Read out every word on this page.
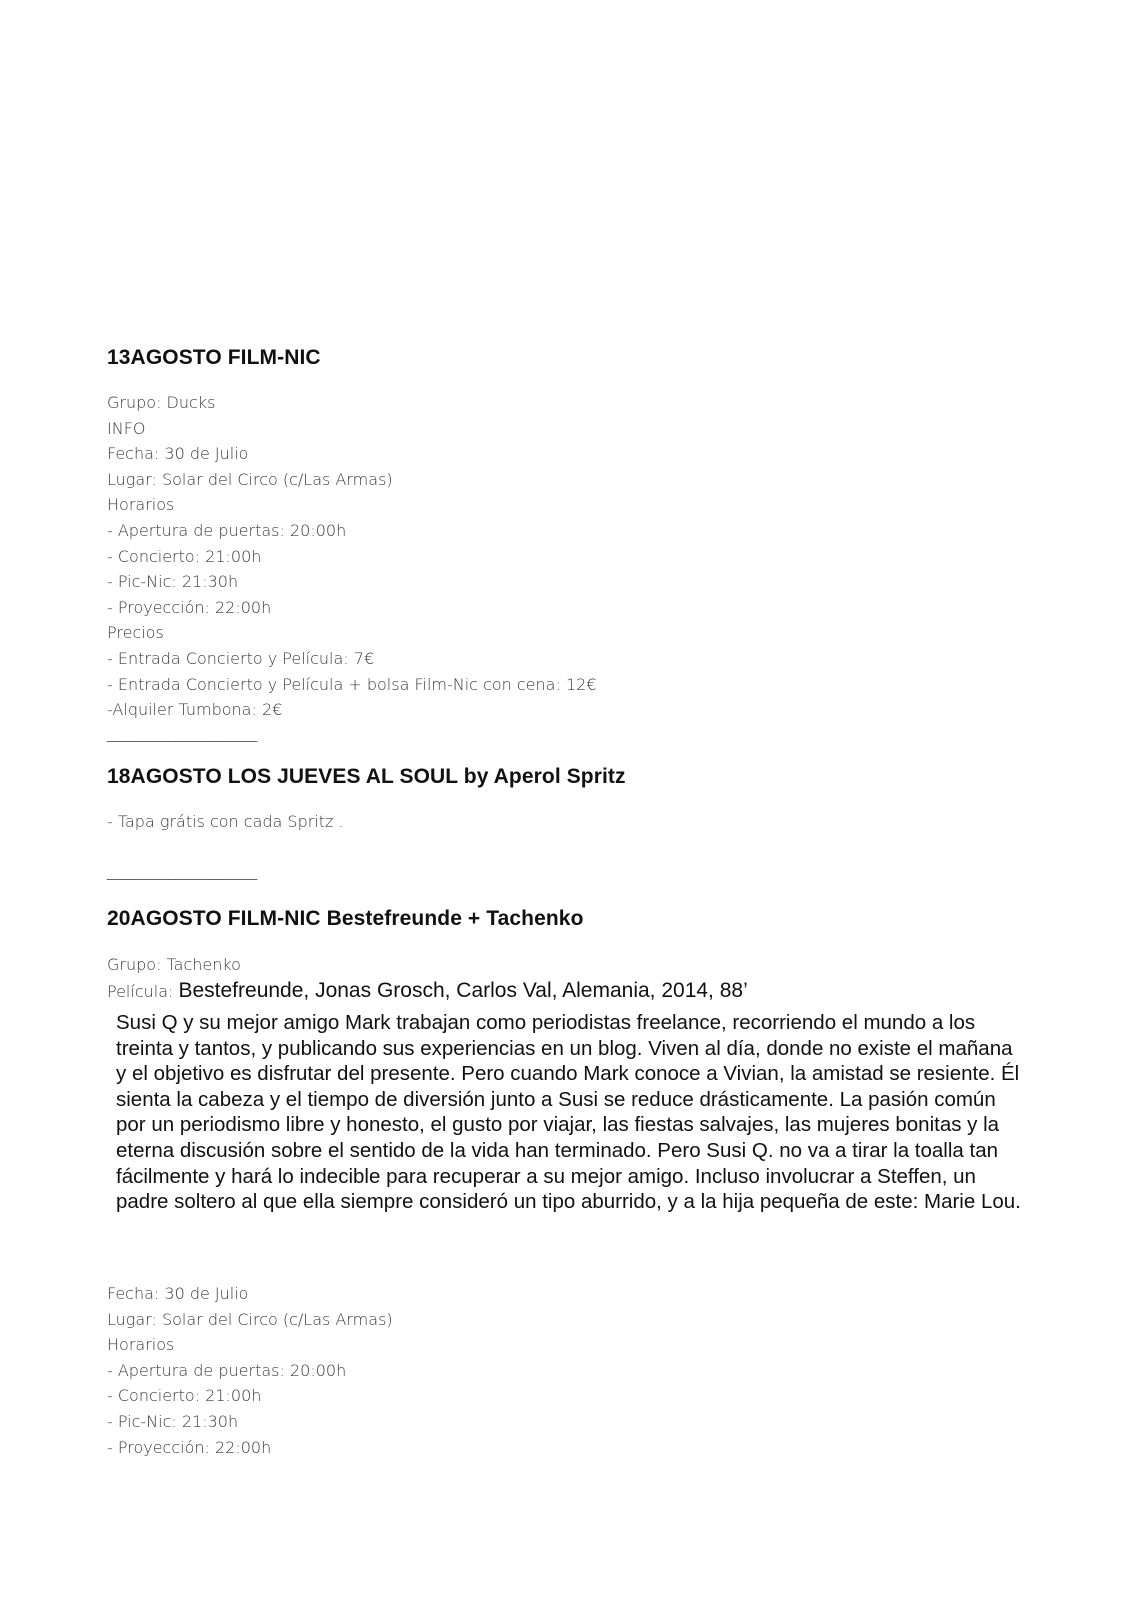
13AGOSTO FILM-NIC
Grupo: Ducks
INFO
Fecha: 30 de Julio
Lugar: Solar del Circo (c/Las Armas)
Horarios
- Apertura de puertas: 20:00h
- Concierto: 21:00h
- Pic-Nic: 21:30h
- Proyección: 22:00h
Precios
- Entrada Concierto y Película: 7€
- Entrada Concierto y Película + bolsa Film-Nic con cena: 12€
-Alquiler Tumbona: 2€
______________________
18AGOSTO LOS JUEVES AL SOUL by Aperol Spritz
- Tapa grátis con cada Spritz .
______________________
20AGOSTO FILM-NIC Bestefreunde + Tachenko
Grupo: Tachenko
Película: Bestefreunde, Jonas Grosch, Carlos Val, Alemania, 2014, 88’
Susi Q y su mejor amigo Mark trabajan como periodistas freelance, recorriendo el mundo a los treinta y tantos, y publicando sus experiencias en un blog. Viven al día, donde no existe el mañana y el objetivo es disfrutar del presente. Pero cuando Mark conoce a Vivian, la amistad se resiente. Él sienta la cabeza y el tiempo de diversión junto a Susi se reduce drásticamente. La pasión común por un periodismo libre y honesto, el gusto por viajar, las fiestas salvajes, las mujeres bonitas y la eterna discusión sobre el sentido de la vida han terminado. Pero Susi Q. no va a tirar la toalla tan fácilmente y hará lo indecible para recuperar a su mejor amigo. Incluso involucrar a Steffen, un padre soltero al que ella siempre consideró un tipo aburrido, y a la hija pequeña de este: Marie Lou.
Fecha: 30 de Julio
Lugar: Solar del Circo (c/Las Armas)
Horarios
- Apertura de puertas: 20:00h
- Concierto: 21:00h
- Pic-Nic: 21:30h
- Proyección: 22:00h
